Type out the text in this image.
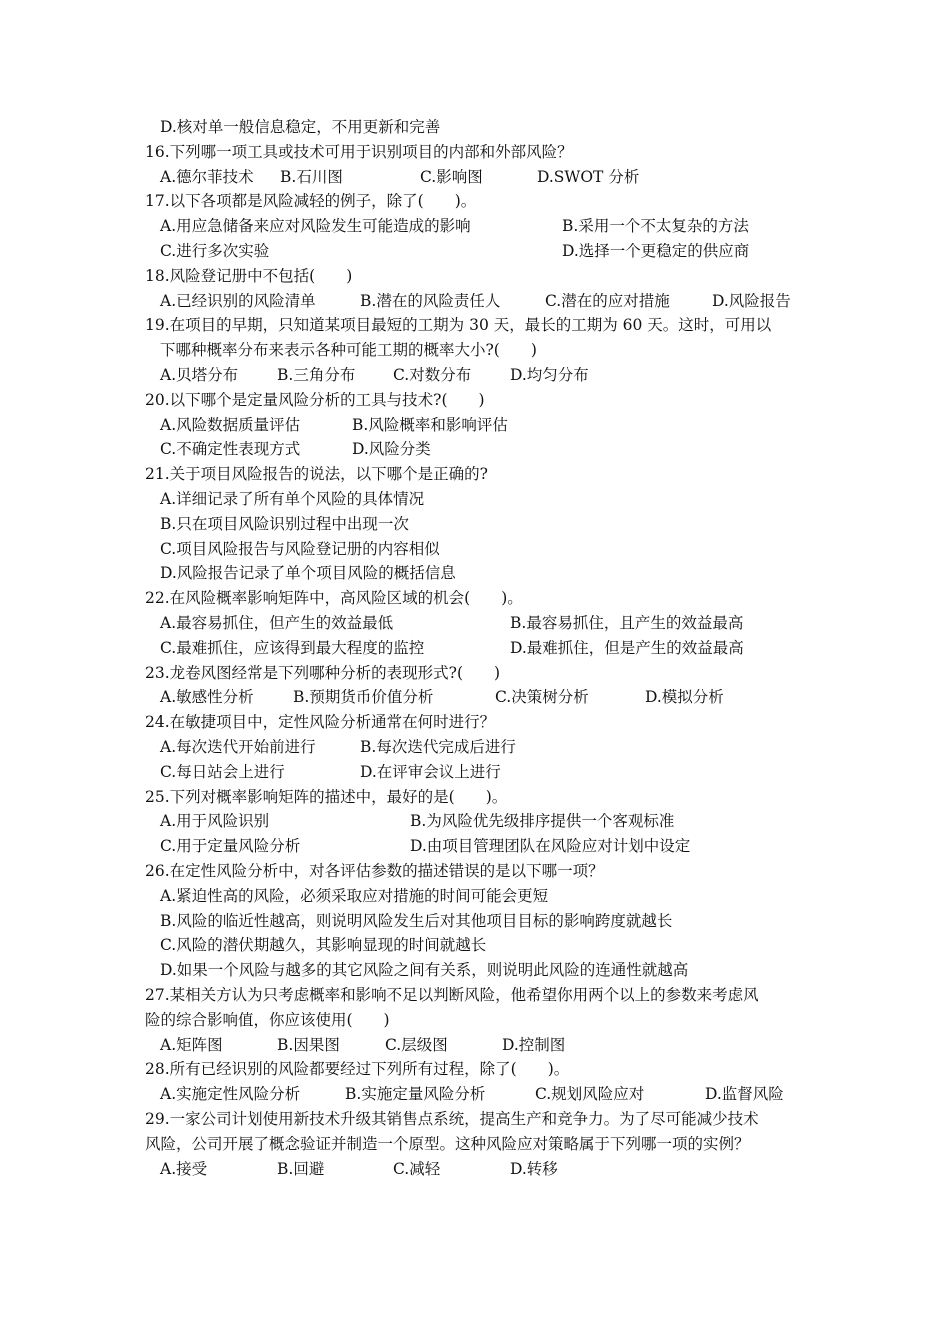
D.核对单一般信息稳定，不用更新和完善
16.下列哪一项工具或技术可用于识别项目的内部和外部风险？
A.德尔菲技术 B.石川图	C.影响图	D.SWOT 分析
17.以下各项都是风险减轻的例子，除了(　　)。
A.用应急储备来应对风险发生可能造成的影响	B.采用一个不太复杂的方法
C.进行多次实验	D.选择一个更稳定的供应商
18.风险登记册中不包括(　　)
A.已经识别的风险清单	B.潜在的风险责任人	C.潜在的应对措施	D.风险报告
19.在项目的早期，只知道某项目最短的工期为 30 天，最长的工期为 60 天。这时，可用以
下哪种概率分布来表示各种可能工期的概率大小?(　　)
A.贝塔分布	B.三角分布 C.对数分布	D.均匀分布
20.以下哪个是定量风险分析的工具与技术?(　　)
A.风险数据质量评估	B.风险概率和影响评估
C.不确定性表现方式	D.风险分类
21.关于项目风险报告的说法，以下哪个是正确的?
A.详细记录了所有单个风险的具体情况
B.只在项目风险识别过程中出现一次
C.项目风险报告与风险登记册的内容相似
D.风险报告记录了单个项目风险的概括信息
22.在风险概率影响矩阵中，高风险区域的机会(　　)。
A.最容易抓住，但产生的效益最低	B.最容易抓住，且产生的效益最高
C.最难抓住，应该得到最大程度的监控	D.最难抓住，但是产生的效益最高
23.龙卷风图经常是下列哪种分析的表现形式?(　　)
A.敏感性分析	B.预期货币价值分析	C.决策树分析	D.模拟分析
24.在敏捷项目中，定性风险分析通常在何时进行？
A.每次迭代开始前进行	B.每次迭代完成后进行
C.每日站会上进行	D.在评审会议上进行
25.下列对概率影响矩阵的描述中，最好的是(　　)。
A.用于风险识别	B.为风险优先级排序提供一个客观标准
C.用于定量风险分析	D.由项目管理团队在风险应对计划中设定
26.在定性风险分析中，对各评估参数的描述错误的是以下哪一项？
A.紧迫性高的风险，必须采取应对措施的时间可能会更短
B.风险的临近性越高，则说明风险发生后对其他项目目标的影响跨度就越长
C.风险的潜伏期越久，其影响显现的时间就越长
D.如果一个风险与越多的其它风险之间有关系，则说明此风险的连通性就越高
27.某相关方认为只考虑概率和影响不足以判断风险，他希望你用两个以上的参数来考虑风
险的综合影响值，你应该使用(　　)
A.矩阵图	B.因果图	C.层级图	D.控制图
28.所有已经识别的风险都要经过下列所有过程，除了(　　)。
A.实施定性风险分析	B.实施定量风险分析	C.规划风险应对	D.监督风险
29.一家公司计划使用新技术升级其销售点系统，提高生产和竞争力。为了尽可能减少技术
风险，公司开展了概念验证并制造一个原型。这种风险应对策略属于下列哪一项的实例？
A.接受	B.回避	C.减轻	D.转移
